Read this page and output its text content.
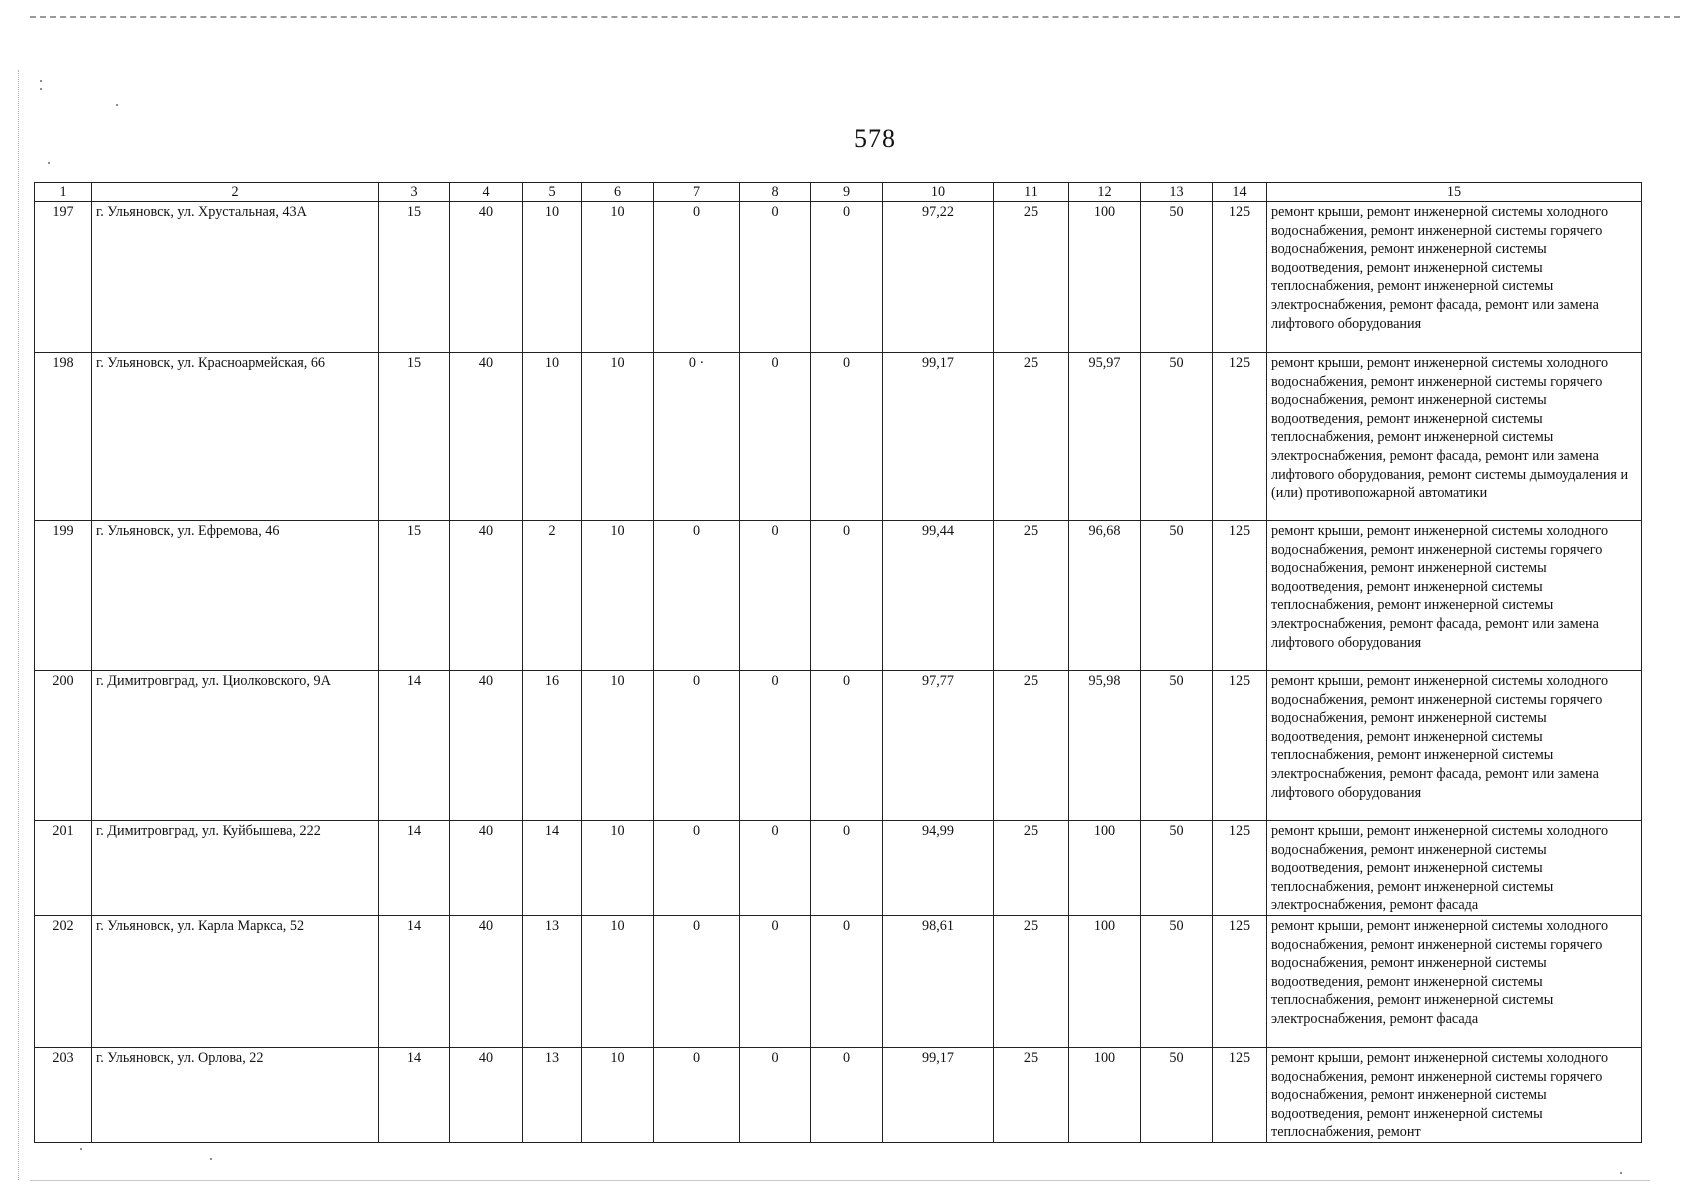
578
1	2	3	4	5	6	7	8	9	10	11	12	13	14	15
197	г. Ульяновск, ул. Хрустальная, 43А	15	40	10	10	0	0	0	97,22	25	100	50	125	ремонт крыши, ремонт инженерной системы холодного водоснабжения, ремонт инженерной системы горячего водоснабжения, ремонт инженерной системы водоотведения, ремонт инженерной системы теплоснабжения, ремонт инженерной системы электроснабжения, ремонт фасада, ремонт или замена лифтового оборудования
198	г. Ульяновск, ул. Красноармейская, 66	15	40	10	10	0 ·	0	0	99,17	25	95,97	50	125	ремонт крыши, ремонт инженерной системы холодного водоснабжения, ремонт инженерной системы горячего водоснабжения, ремонт инженерной системы водоотведения, ремонт инженерной системы теплоснабжения, ремонт инженерной системы электроснабжения, ремонт фасада, ремонт или замена лифтового оборудования, ремонт системы дымоудаления и (или) противопожарной автоматики
199	г. Ульяновск, ул. Ефремова, 46	15	40	2	10	0	0	0	99,44	25	96,68	50	125	ремонт крыши, ремонт инженерной системы холодного водоснабжения, ремонт инженерной системы горячего водоснабжения, ремонт инженерной системы водоотведения, ремонт инженерной системы теплоснабжения, ремонт инженерной системы электроснабжения, ремонт фасада, ремонт или замена лифтового оборудования
200	г. Димитровград, ул. Циолковского, 9А	14	40	16	10	0	0	0	97,77	25	95,98	50	125	ремонт крыши, ремонт инженерной системы холодного водоснабжения, ремонт инженерной системы горячего водоснабжения, ремонт инженерной системы водоотведения, ремонт инженерной системы теплоснабжения, ремонт инженерной системы электроснабжения, ремонт фасада, ремонт или замена лифтового оборудования
201	г. Димитровград, ул. Куйбышева, 222	14	40	14	10	0	0	0	94,99	25	100	50	125	ремонт крыши, ремонт инженерной системы холодного водоснабжения, ремонт инженерной системы водоотведения, ремонт инженерной системы теплоснабжения, ремонт инженерной системы электроснабжения, ремонт фасада
202	г. Ульяновск, ул. Карла Маркса, 52	14	40	13	10	0	0	0	98,61	25	100	50	125	ремонт крыши, ремонт инженерной системы холодного водоснабжения, ремонт инженерной системы горячего водоснабжения, ремонт инженерной системы водоотведения, ремонт инженерной системы теплоснабжения, ремонт инженерной системы электроснабжения, ремонт фасада
203	г. Ульяновск, ул. Орлова, 22	14	40	13	10	0	0	0	99,17	25	100	50	125	ремонт крыши, ремонт инженерной системы холодного водоснабжения, ремонт инженерной системы горячего водоснабжения, ремонт инженерной системы водоотведения, ремонт инженерной системы теплоснабжения, ремонт
